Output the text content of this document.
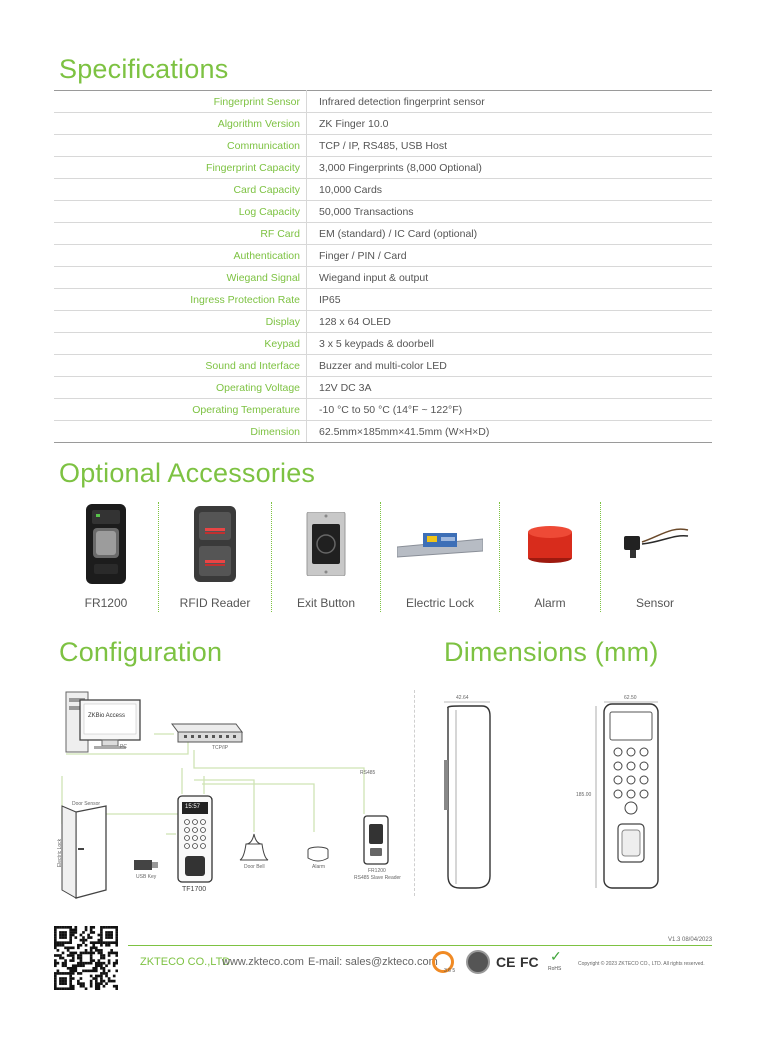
Specifications
Fingerprint Sensor	Infrared detection fingerprint sensor
Algorithm Version	ZK Finger 10.0
Communication	TCP / IP, RS485, USB Host
Fingerprint Capacity	3,000 Fingerprints (8,000 Optional)
Card Capacity	10,000 Cards
Log Capacity	50,000 Transactions
RF Card	EM (standard) / IC Card (optional)
Authentication	Finger / PIN / Card
Wiegand Signal	Wiegand input & output
Ingress Protection Rate	IP65
Display	128 x 64 OLED
Keypad	3 x 5 keypads & doorbell
Sound and Interface	Buzzer and multi-color LED
Operating Voltage	12V DC 3A
Operating Temperature	-10 °C to 50 °C (14°F ~ 122°F)
Dimension	62.5mm×185mm×41.5mm (W×H×D)
Optional Accessories
FR1200	RFID Reader	Exit Button	Electric Lock	Alarm	Sensor
Configuration
ZKBio Access
PC	TCP/IP
RS485
Door Sensor
Electric Lock
USB Key
15:57
TF1700
Door Bell	Alarm
FR1200
RS485 Slave Reader
Dimensions (mm)
42.64	62.50
185.00
V1.3 08/04/2023
ZKTECO CO.,LTD.
www.zkteco.com E-mail: sales@zkteco.com
3 6 5
CE FC ✓
RoHS
Copyright © 2023 ZKTECO CO., LTD. All rights reserved.
